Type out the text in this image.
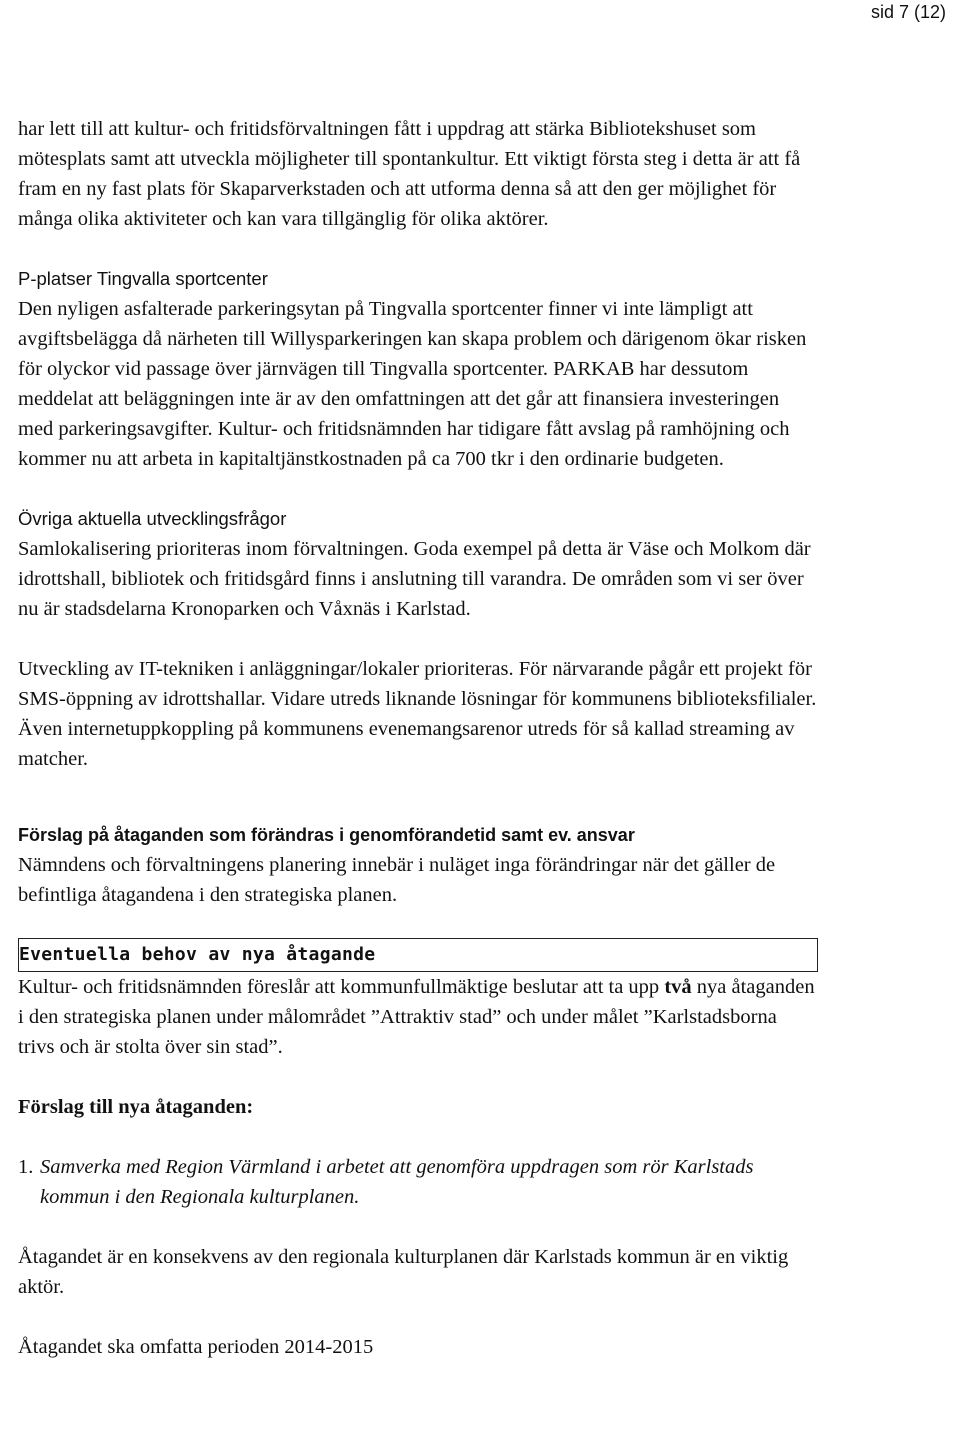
sid 7 (12)

har lett till att kultur- och fritidsförvaltningen fått i uppdrag att stärka Bibliotekshuset som mötesplats samt att utveckla möjligheter till spontankultur. Ett viktigt första steg i detta är att få fram en ny fast plats för Skaparverkstaden och att utforma denna så att den ger möjlighet för många olika aktiviteter och kan vara tillgänglig för olika aktörer.

P-platser Tingvalla sportcenter

Den nyligen asfalterade parkeringsytan på Tingvalla sportcenter finner vi inte lämpligt att avgiftsbelägga då närheten till Willysparkeringen kan skapa problem och därigenom ökar risken för olyckor vid passage över järnvägen till Tingvalla sportcenter. PARKAB har dessutom meddelat att beläggningen inte är av den omfattningen att det går att finansiera investeringen med parkeringsavgifter. Kultur- och fritidsnämnden har tidigare fått avslag på ramhöjning och kommer nu att arbeta in kapitaltjänstkostnaden på ca 700 tkr i den ordinarie budgeten.

Övriga aktuella utvecklingsfrågor

Samlokalisering prioriteras inom förvaltningen. Goda exempel på detta är Väse och Molkom där idrottshall, bibliotek och fritidsgård finns i anslutning till varandra. De områden som vi ser över nu är stadsdelarna Kronoparken och Våxnäs i Karlstad.

Utveckling av IT-tekniken i anläggningar/lokaler prioriteras. För närvarande pågår ett projekt för SMS-öppning av idrottshallar. Vidare utreds liknande lösningar för kommunens biblioteksfilialer. Även internetuppkoppling på kommunens evenemangsarenor utreds för så kallad streaming av matcher.

Förslag på åtaganden som förändras i genomförandetid samt ev. ansvar

Nämndens och förvaltningens planering innebär i nuläget inga förändringar när det gäller de befintliga åtagandena i den strategiska planen.

Eventuella behov av nya åtagande

Kultur- och fritidsnämnden föreslår att kommunfullmäktige beslutar att ta upp två nya åtaganden i den strategiska planen under målområdet ”Attraktiv stad” och under målet ”Karlstadsborna trivs och är stolta över sin stad”.

Förslag till nya åtaganden:
1. Samverka med Region Värmland i arbetet att genomföra uppdragen som rör Karlstads kommun i den Regionala kulturplanen.

Åtagandet är en konsekvens av den regionala kulturplanen där Karlstads kommun är en viktig aktör.

Åtagandet ska omfatta perioden 2014-2015
